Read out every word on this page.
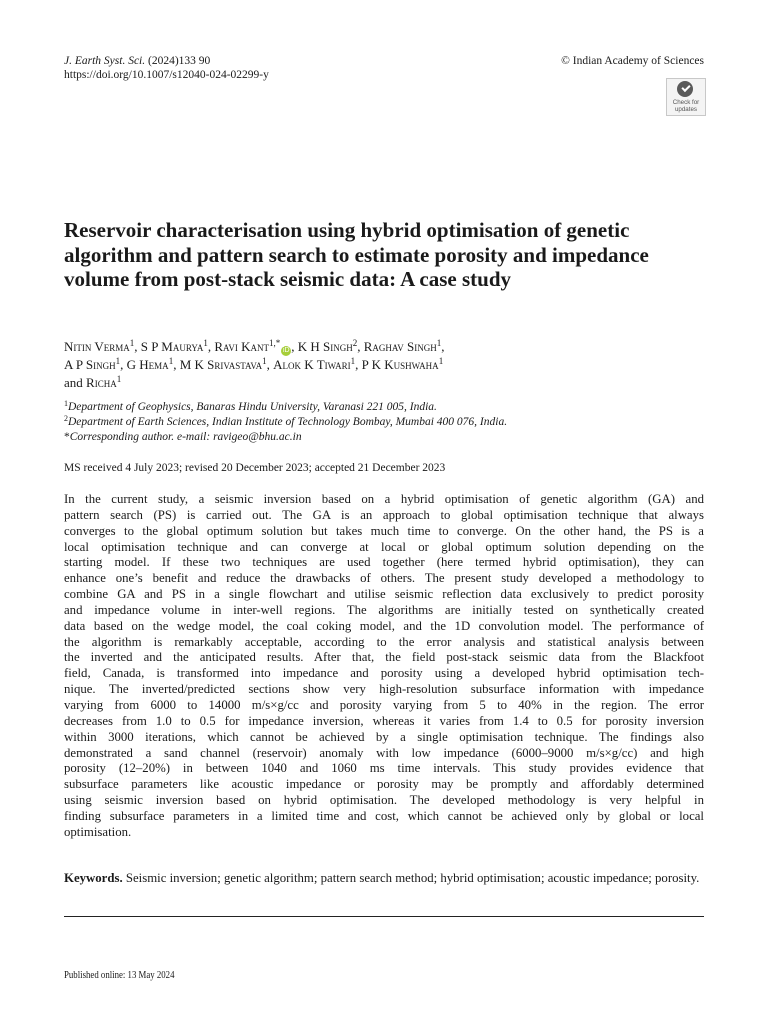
J. Earth Syst. Sci. (2024)133 90
https://doi.org/10.1007/s12040-024-02299-y
© Indian Academy of Sciences
Check for
updates
Reservoir characterisation using hybrid optimisation of genetic algorithm and pattern search to estimate porosity and impedance volume from post-stack seismic data: A case study
Nitin Verma$^1$, S P Maurya$^1$, Ravi Kant$^{1,*}$iD , K H Singh$^2$, Raghav Singh$^1$,
A P Singh$^1$, G Hema$^1$, M K Srivastava$^1$, Alok K Tiwari$^1$, P K Kushwaha$^1$
and Richa$^1$
$^1$Department of Geophysics, Banaras Hindu University, Varanasi 221 005, India.
$^2$Department of Earth Sciences, Indian Institute of Technology Bombay, Mumbai 400 076, India.
*Corresponding author. e-mail: ravigeo@bhu.ac.in
MS received 4 July 2023; revised 20 December 2023; accepted 21 December 2023
In the current study, a seismic inversion based on a hybrid optimisation of genetic algorithm (GA) and
pattern search (PS) is carried out. The GA is an approach to global optimisation technique that always
converges to the global optimum solution but takes much time to converge. On the other hand, the PS is a
local optimisation technique and can converge at local or global optimum solution depending on the
starting model. If these two techniques are used together (here termed hybrid optimisation), they can
enhance one’s benefit and reduce the drawbacks of others. The present study developed a methodology to
combine GA and PS in a single flowchart and utilise seismic reflection data exclusively to predict porosity
and impedance volume in inter-well regions. The algorithms are initially tested on synthetically created
data based on the wedge model, the coal coking model, and the 1D convolution model. The performance of
the algorithm is remarkably acceptable, according to the error analysis and statistical analysis between
the inverted and the anticipated results. After that, the field post-stack seismic data from the Blackfoot
field, Canada, is transformed into impedance and porosity using a developed hybrid optimisation tech-
nique. The inverted/predicted sections show very high-resolution subsurface information with impedance
varying from 6000 to 14000 m/s×g/cc and porosity varying from 5 to 40% in the region. The error
decreases from 1.0 to 0.5 for impedance inversion, whereas it varies from 1.4 to 0.5 for porosity inversion
within 3000 iterations, which cannot be achieved by a single optimisation technique. The findings also
demonstrated a sand channel (reservoir) anomaly with low impedance (6000–9000 m/s×g/cc) and high
porosity (12–20%) in between 1040 and 1060 ms time intervals. This study provides evidence that
subsurface parameters like acoustic impedance or porosity may be promptly and affordably determined
using seismic inversion based on hybrid optimisation. The developed methodology is very helpful in
finding subsurface parameters in a limited time and cost, which cannot be achieved only by global or local
optimisation.
Keywords. Seismic inversion; genetic algorithm; pattern search method; hybrid optimisation; acoustic impedance; porosity.
Published online: 13 May 2024
